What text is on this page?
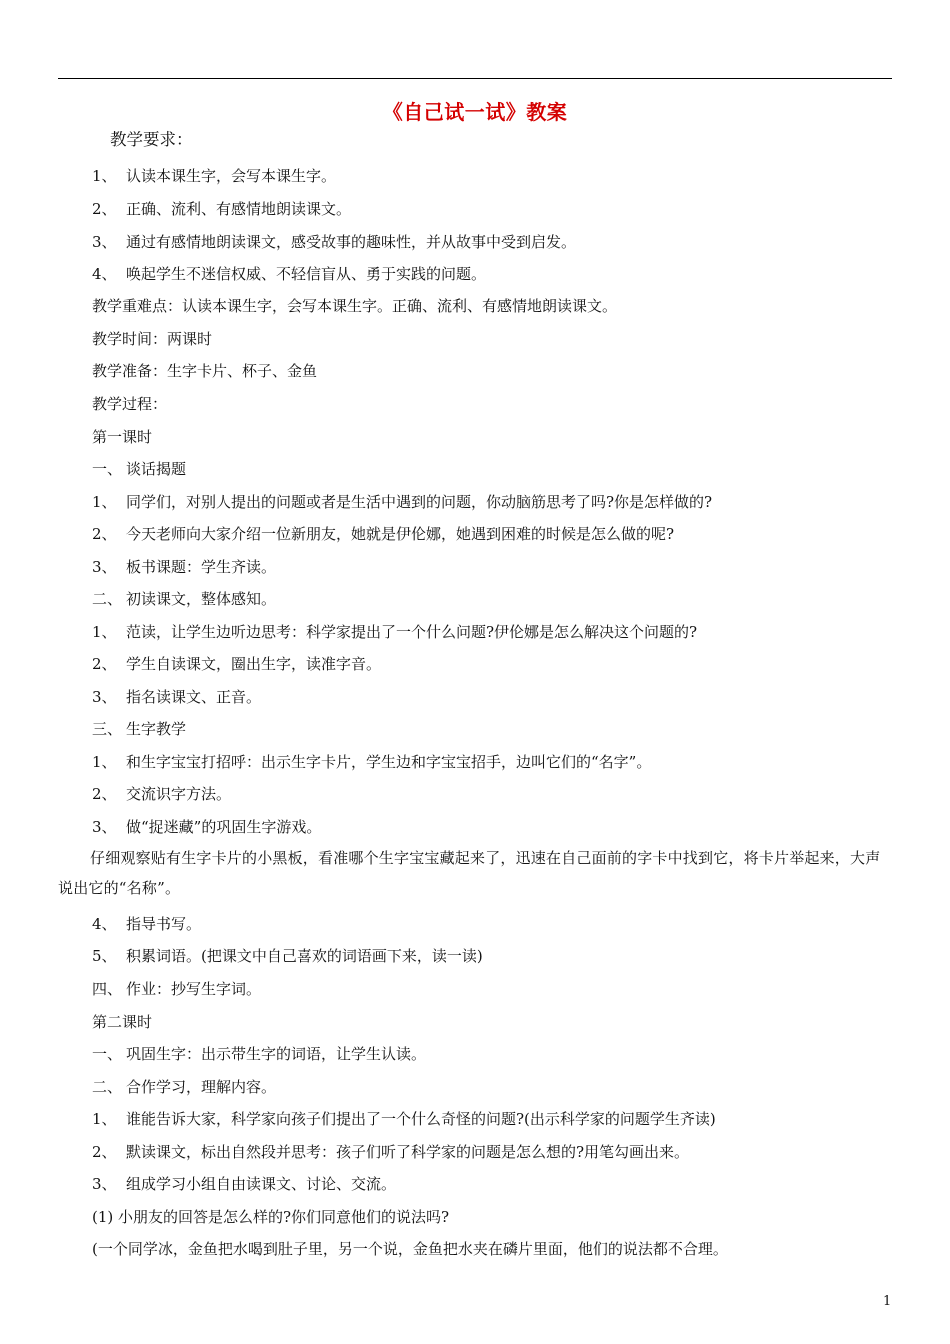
《自己试一试》教案
教学要求：
1、 认读本课生字，会写本课生字。
2、 正确、流利、有感情地朗读课文。
3、 通过有感情地朗读课文，感受故事的趣味性，并从故事中受到启发。
4、 唤起学生不迷信权威、不轻信盲从、勇于实践的问题。
教学重难点：认读本课生字，会写本课生字。正确、流利、有感情地朗读课文。
教学时间：两课时
教学准备：生字卡片、杯子、金鱼
教学过程：
第一课时
一、 谈话揭题
1、 同学们，对别人提出的问题或者是生活中遇到的问题，你动脑筋思考了吗?你是怎样做的?
2、 今天老师向大家介绍一位新朋友，她就是伊伦娜，她遇到困难的时候是怎么做的呢?
3、 板书课题：学生齐读。
二、 初读课文，整体感知。
1、 范读，让学生边听边思考：科学家提出了一个什么问题?伊伦娜是怎么解决这个问题的?
2、 学生自读课文，圈出生字，读准字音。
3、 指名读课文、正音。
三、 生字教学
1、 和生字宝宝打招呼：出示生字卡片，学生边和字宝宝招手，边叫它们的“名字”。
2、 交流识字方法。
3、 做“捉迷藏”的巩固生字游戏。
仔细观察贴有生字卡片的小黑板，看准哪个生字宝宝藏起来了，迅速在自己面前的字卡中找到它，将卡片举起来，大声说出它的“名称”。
4、 指导书写。
5、 积累词语。(把课文中自己喜欢的词语画下来，读一读)
四、 作业：抄写生字词。
第二课时
一、 巩固生字：出示带生字的词语，让学生认读。
二、 合作学习，理解内容。
1、 谁能告诉大家，科学家向孩子们提出了一个什么奇怪的问题?(出示科学家的问题学生齐读)
2、 默读课文，标出自然段并思考：孩子们听了科学家的问题是怎么想的?用笔勾画出来。
3、 组成学习小组自由读课文、讨论、交流。
(1) 小朋友的回答是怎么样的?你们同意他们的说法吗?
(一个同学冰，金鱼把水喝到肚子里，另一个说，金鱼把水夹在磷片里面，他们的说法都不合理。
1
